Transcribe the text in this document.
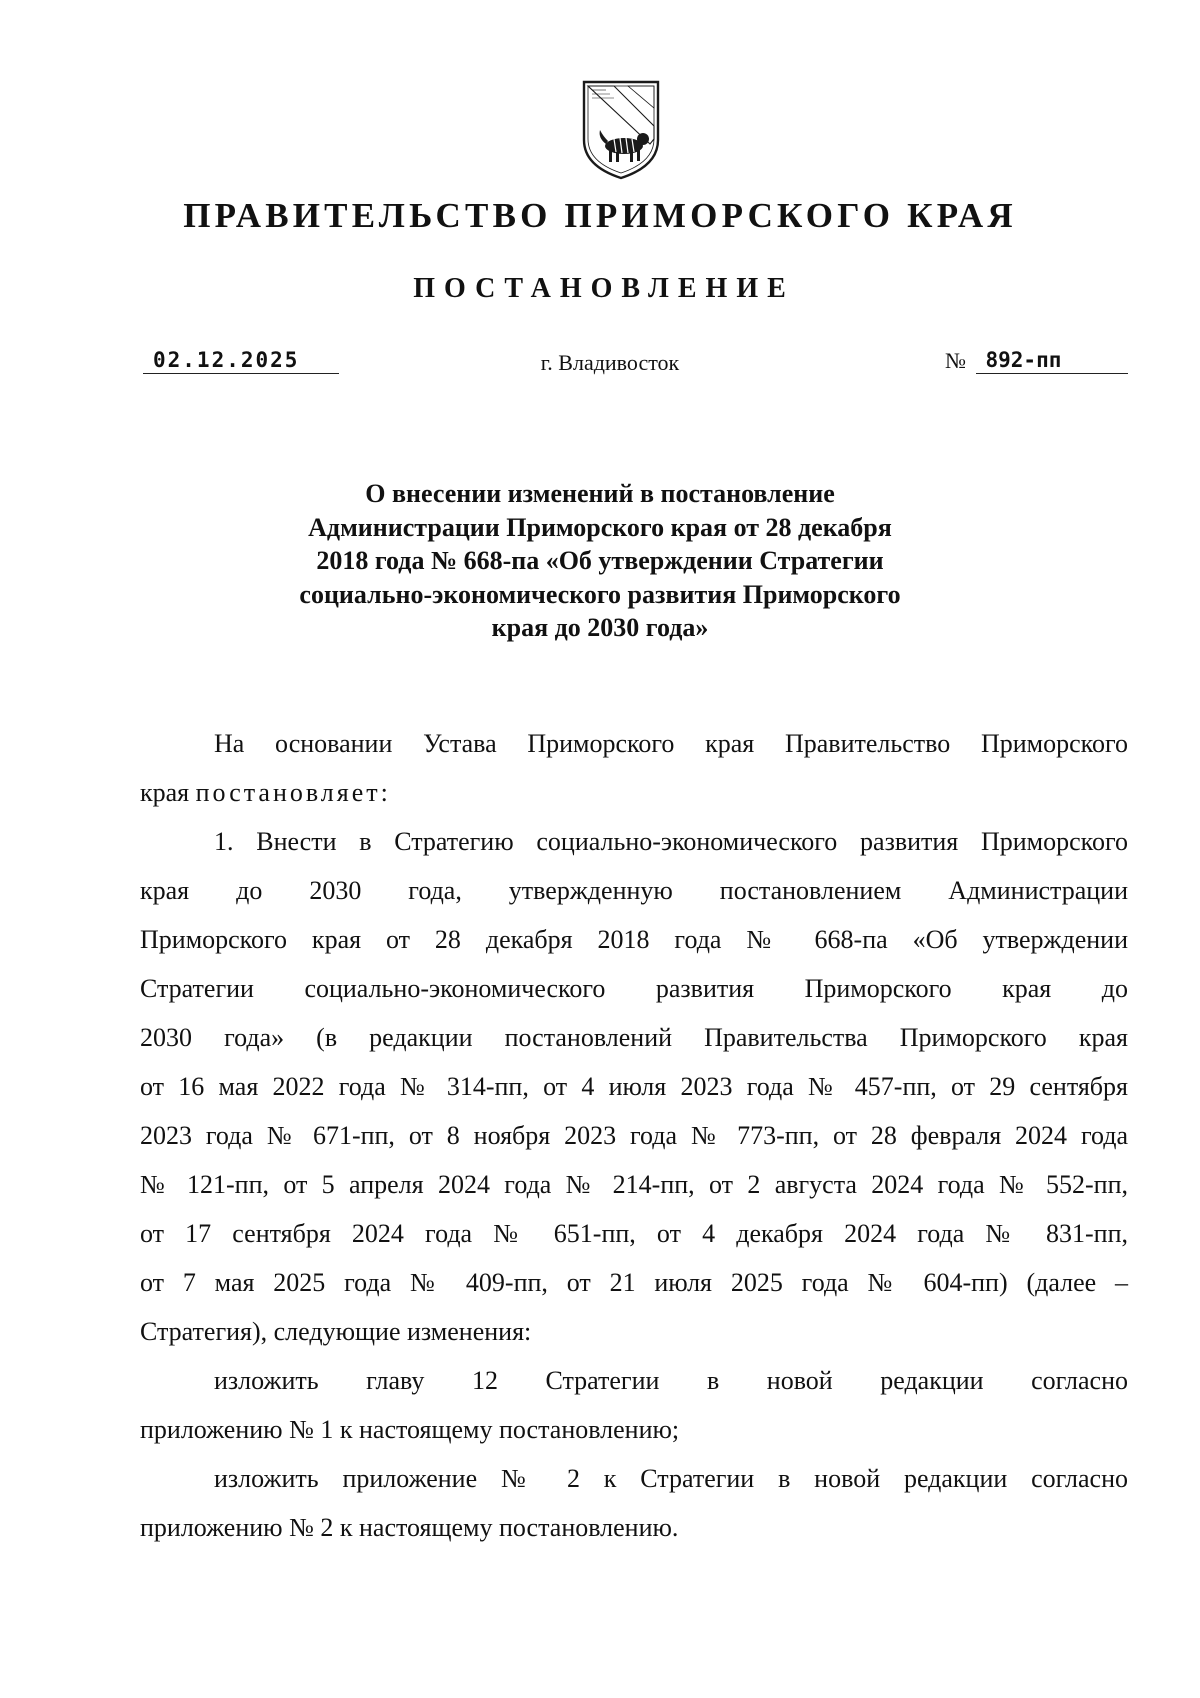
ПРАВИТЕЛЬСТВО ПРИМОРСКОГО КРАЯ
ПОСТАНОВЛЕНИЕ
02.12.2025	г. Владивосток	№ 892-пп
О внесении изменений в постановление
Администрации Приморского края от 28 декабря
2018 года № 668-па «Об утверждении Стратегии
социально-экономического развития Приморского
края до 2030 года»
На основании Устава Приморского края Правительство Приморского
края постановляет:
1. Внести в Стратегию социально-экономического развития Приморского
края до 2030 года, утвержденную постановлением Администрации
Приморского края от 28 декабря 2018 года № 668-па «Об утверждении
Стратегии социально-экономического развития Приморского края до
2030 года» (в редакции постановлений Правительства Приморского края
от 16 мая 2022 года № 314-пп, от 4 июля 2023 года № 457-пп, от 29 сентября
2023 года № 671-пп, от 8 ноября 2023 года № 773-пп, от 28 февраля 2024 года
№ 121-пп, от 5 апреля 2024 года № 214-пп, от 2 августа 2024 года № 552-пп,
от 17 сентября 2024 года № 651-пп, от 4 декабря 2024 года № 831-пп,
от 7 мая 2025 года № 409-пп, от 21 июля 2025 года № 604-пп) (далее –
Стратегия), следующие изменения:
изложить главу 12 Стратегии в новой редакции согласно
приложению № 1 к настоящему постановлению;
изложить приложение № 2 к Стратегии в новой редакции согласно
приложению № 2 к настоящему постановлению.
